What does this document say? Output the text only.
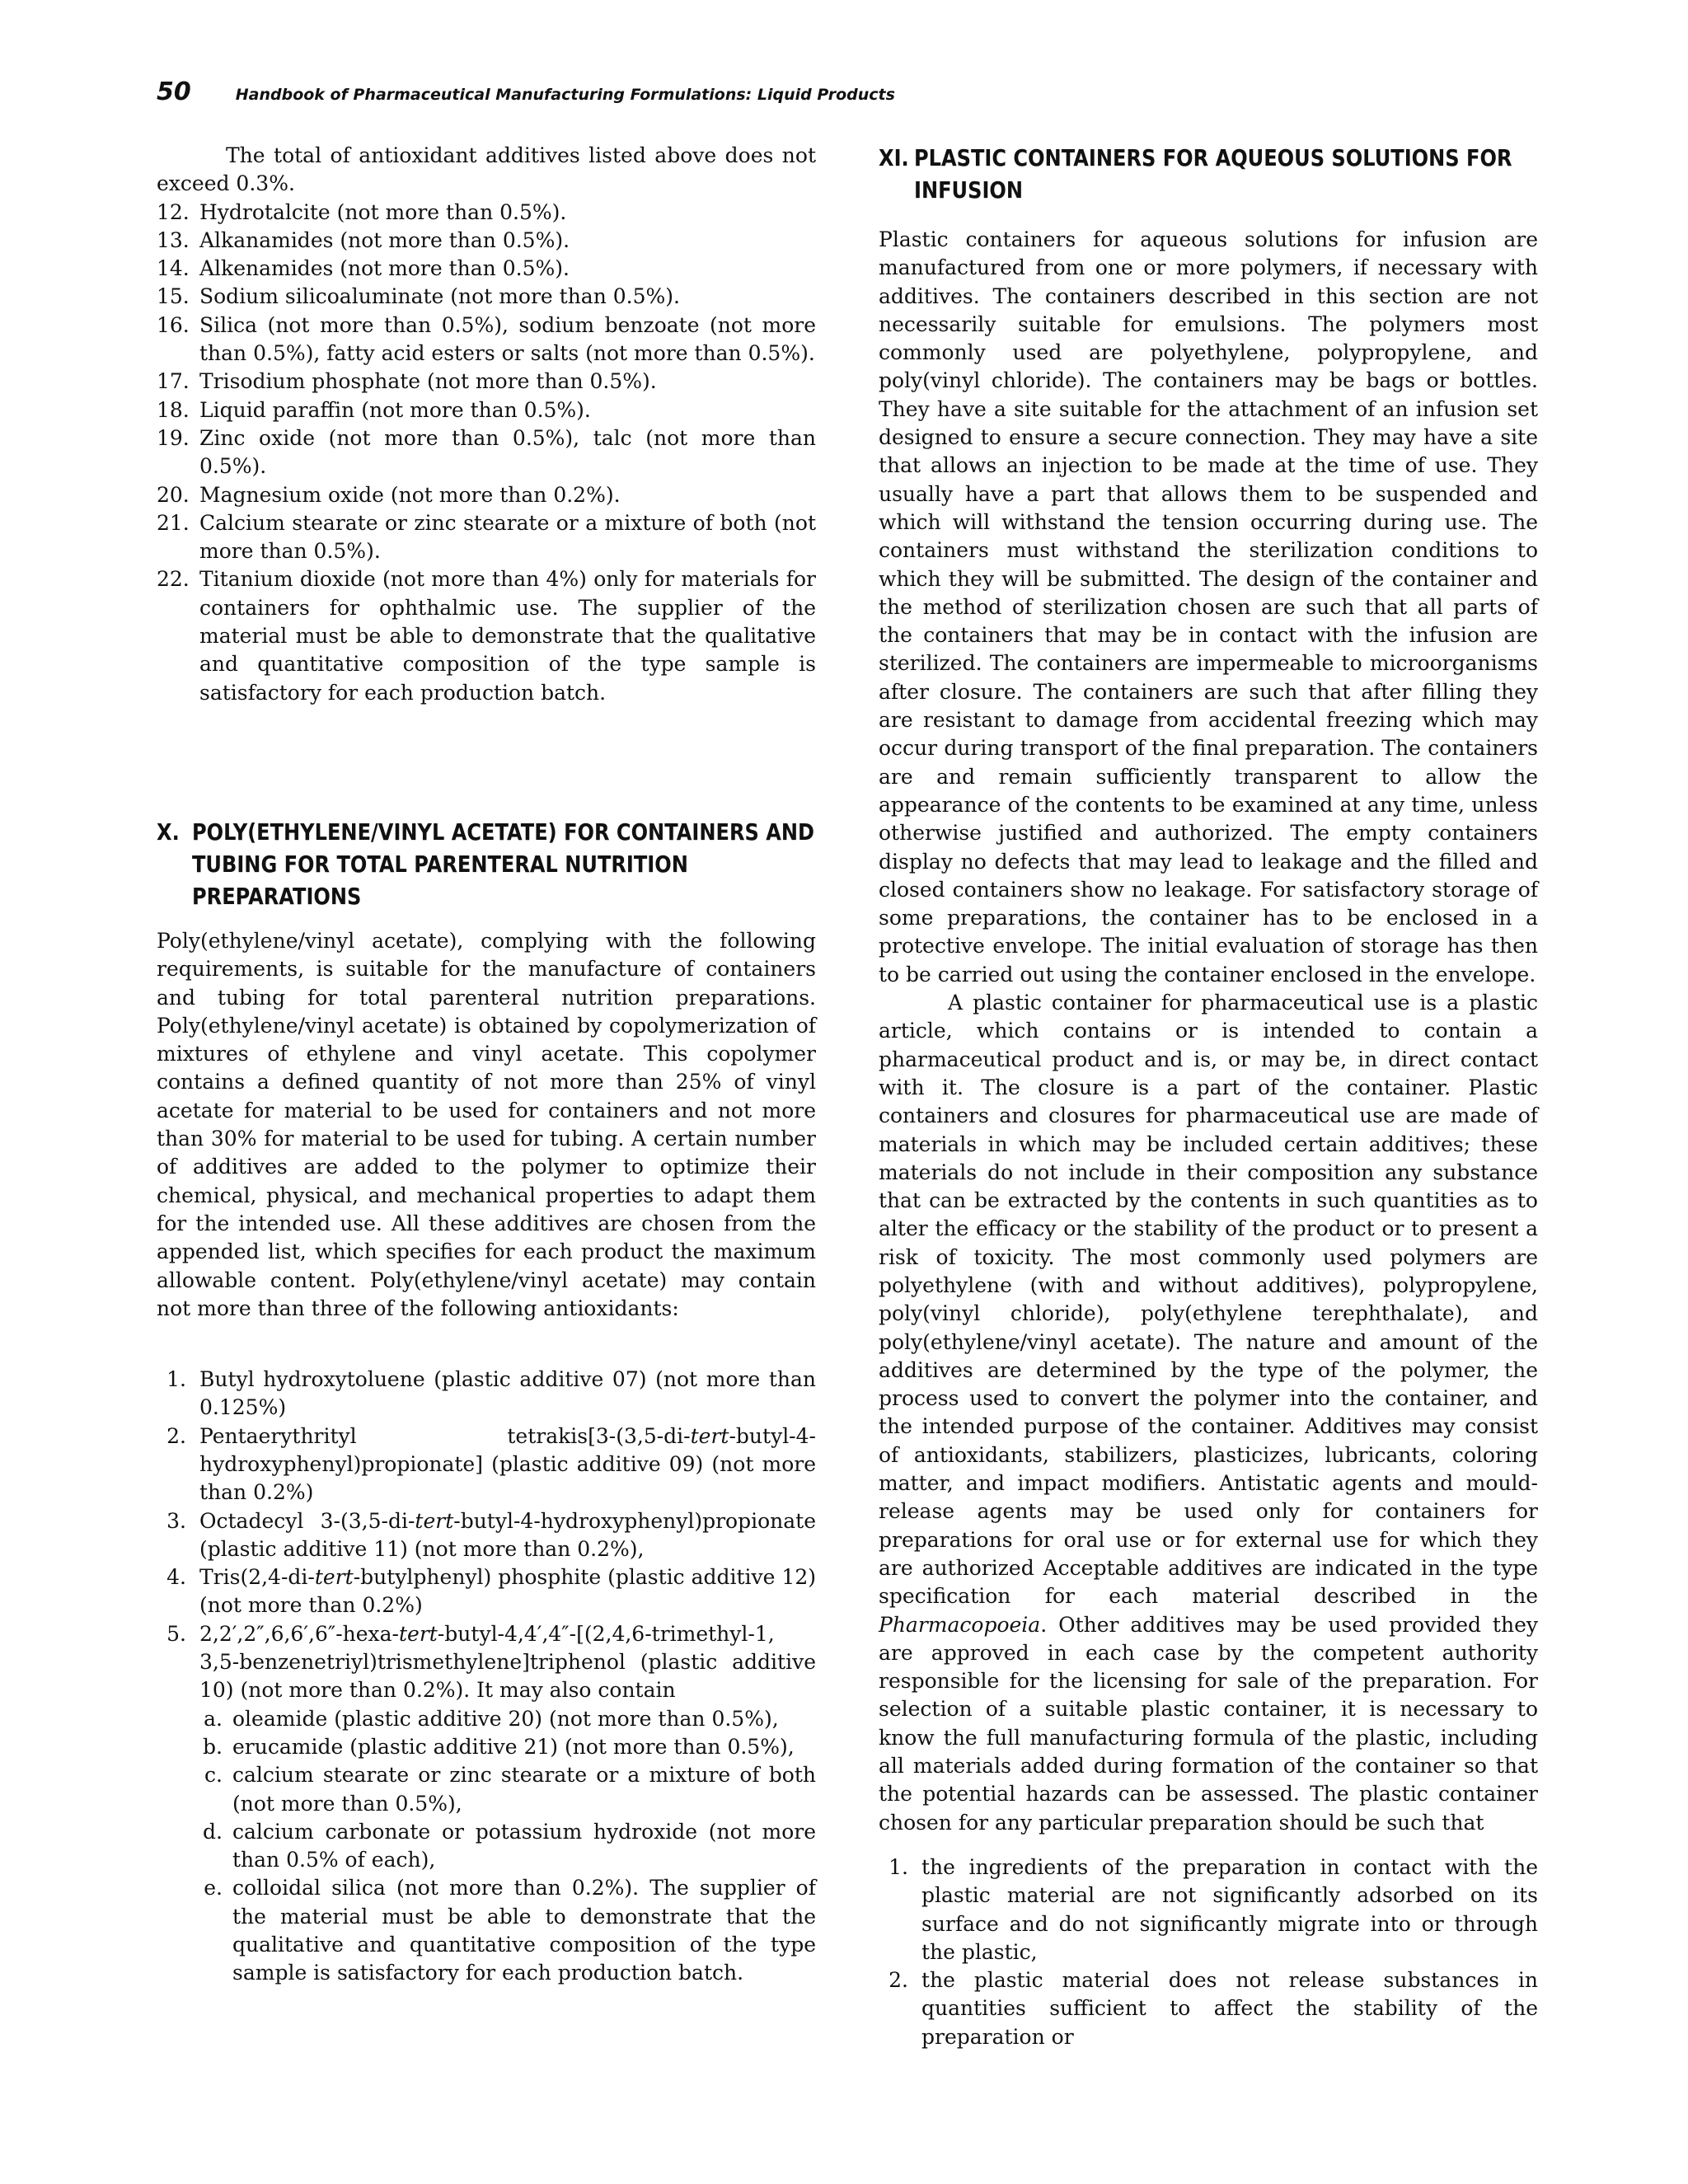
50	Handbook of Pharmaceutical Manufacturing Formulations: Liquid Products

The total of antioxidant additives listed above does not exceed 0.3%.

12. Hydrotalcite (not more than 0.5%).
13. Alkanamides (not more than 0.5%).
14. Alkenamides (not more than 0.5%).
15. Sodium silicoaluminate (not more than 0.5%).
16. Silica (not more than 0.5%), sodium benzoate (not more than 0.5%), fatty acid esters or salts (not more than 0.5%).
17. Trisodium phosphate (not more than 0.5%).
18. Liquid paraffin (not more than 0.5%).
19. Zinc oxide (not more than 0.5%), talc (not more than 0.5%).
20. Magnesium oxide (not more than 0.2%).
21. Calcium stearate or zinc stearate or a mixture of both (not more than 0.5%).
22. Titanium dioxide (not more than 4%) only for materials for containers for ophthalmic use. The supplier of the material must be able to demonstrate that the qualitative and quantitative composition of the type sample is satisfactory for each production batch.
X. POLY(ETHYLENE/VINYL ACETATE) FOR CONTAINERS AND TUBING FOR TOTAL PARENTERAL NUTRITION PREPARATIONS

Poly(ethylene/vinyl acetate), complying with the following requirements, is suitable for the manufacture of containers and tubing for total parenteral nutrition preparations. Poly(ethylene/vinyl acetate) is obtained by copolymerization of mixtures of ethylene and vinyl acetate. This copolymer contains a defined quantity of not more than 25% of vinyl acetate for material to be used for containers and not more than 30% for material to be used for tubing. A certain number of additives are added to the polymer to optimize their chemical, physical, and mechanical properties to adapt them for the intended use. All these additives are chosen from the appended list, which specifies for each product the maximum allowable content. Poly(ethylene/vinyl acetate) may contain not more than three of the following antioxidants:

1. Butyl hydroxytoluene (plastic additive 07) (not more than 0.125%)
2. Pentaerythrityl tetrakis[3-(3,5-di-tert-butyl-4-hydroxyphenyl)propionate] (plastic additive 09) (not more than 0.2%)
3. Octadecyl 3-(3,5-di-tert-butyl-4-hydroxyphenyl)propionate (plastic additive 11) (not more than 0.2%),
4. Tris(2,4-di-tert-butylphenyl) phosphite (plastic additive 12) (not more than 0.2%)
5. 2,2′,2″,6,6′,6″-hexa-tert-butyl-4,4′,4″-[(2,4,6-trimethyl-1, 3,5-benzenetriyl)trismethylene]triphenol (plastic additive 10) (not more than 0.2%). It may also contain
a. oleamide (plastic additive 20) (not more than 0.5%),
b. erucamide (plastic additive 21) (not more than 0.5%),
c. calcium stearate or zinc stearate or a mixture of both (not more than 0.5%),
d. calcium carbonate or potassium hydroxide (not more than 0.5% of each),
e. colloidal silica (not more than 0.2%). The supplier of the material must be able to demonstrate that the qualitative and quantitative composition of the type sample is satisfactory for each production batch.
XI. PLASTIC CONTAINERS FOR AQUEOUS SOLUTIONS FOR INFUSION

Plastic containers for aqueous solutions for infusion are manufactured from one or more polymers, if necessary with additives. The containers described in this section are not necessarily suitable for emulsions. The polymers most commonly used are polyethylene, polypropylene, and poly(vinyl chloride). The containers may be bags or bottles. They have a site suitable for the attachment of an infusion set designed to ensure a secure connection. They may have a site that allows an injection to be made at the time of use. They usually have a part that allows them to be suspended and which will withstand the tension occurring during use. The containers must withstand the sterilization conditions to which they will be submitted. The design of the container and the method of sterilization chosen are such that all parts of the containers that may be in contact with the infusion are sterilized. The containers are impermeable to microorganisms after closure. The containers are such that after filling they are resistant to damage from accidental freezing which may occur during transport of the final preparation. The containers are and remain sufficiently transparent to allow the appearance of the contents to be examined at any time, unless otherwise justified and authorized. The empty containers display no defects that may lead to leakage and the filled and closed containers show no leakage. For satisfactory storage of some preparations, the container has to be enclosed in a protective envelope. The initial evaluation of storage has then to be carried out using the container enclosed in the envelope.

A plastic container for pharmaceutical use is a plastic article, which contains or is intended to contain a pharmaceutical product and is, or may be, in direct contact with it. The closure is a part of the container. Plastic containers and closures for pharmaceutical use are made of materials in which may be included certain additives; these materials do not include in their composition any substance that can be extracted by the contents in such quantities as to alter the efficacy or the stability of the product or to present a risk of toxicity. The most commonly used polymers are polyethylene (with and without additives), polypropylene, poly(vinyl chloride), poly(ethylene terephthalate), and poly(ethylene/vinyl acetate). The nature and amount of the additives are determined by the type of the polymer, the process used to convert the polymer into the container, and the intended purpose of the container. Additives may consist of antioxidants, stabilizers, plasticizes, lubricants, coloring matter, and impact modifiers. Antistatic agents and mould-release agents may be used only for containers for preparations for oral use or for external use for which they are authorized Acceptable additives are indicated in the type specification for each material described in the Pharmacopoeia. Other additives may be used provided they are approved in each case by the competent authority responsible for the licensing for sale of the preparation. For selection of a suitable plastic container, it is necessary to know the full manufacturing formula of the plastic, including all materials added during formation of the container so that the potential hazards can be assessed. The plastic container chosen for any particular preparation should be such that

1. the ingredients of the preparation in contact with the plastic material are not significantly adsorbed on its surface and do not significantly migrate into or through the plastic,
2. the plastic material does not release substances in quantities sufficient to affect the stability of the preparation or
